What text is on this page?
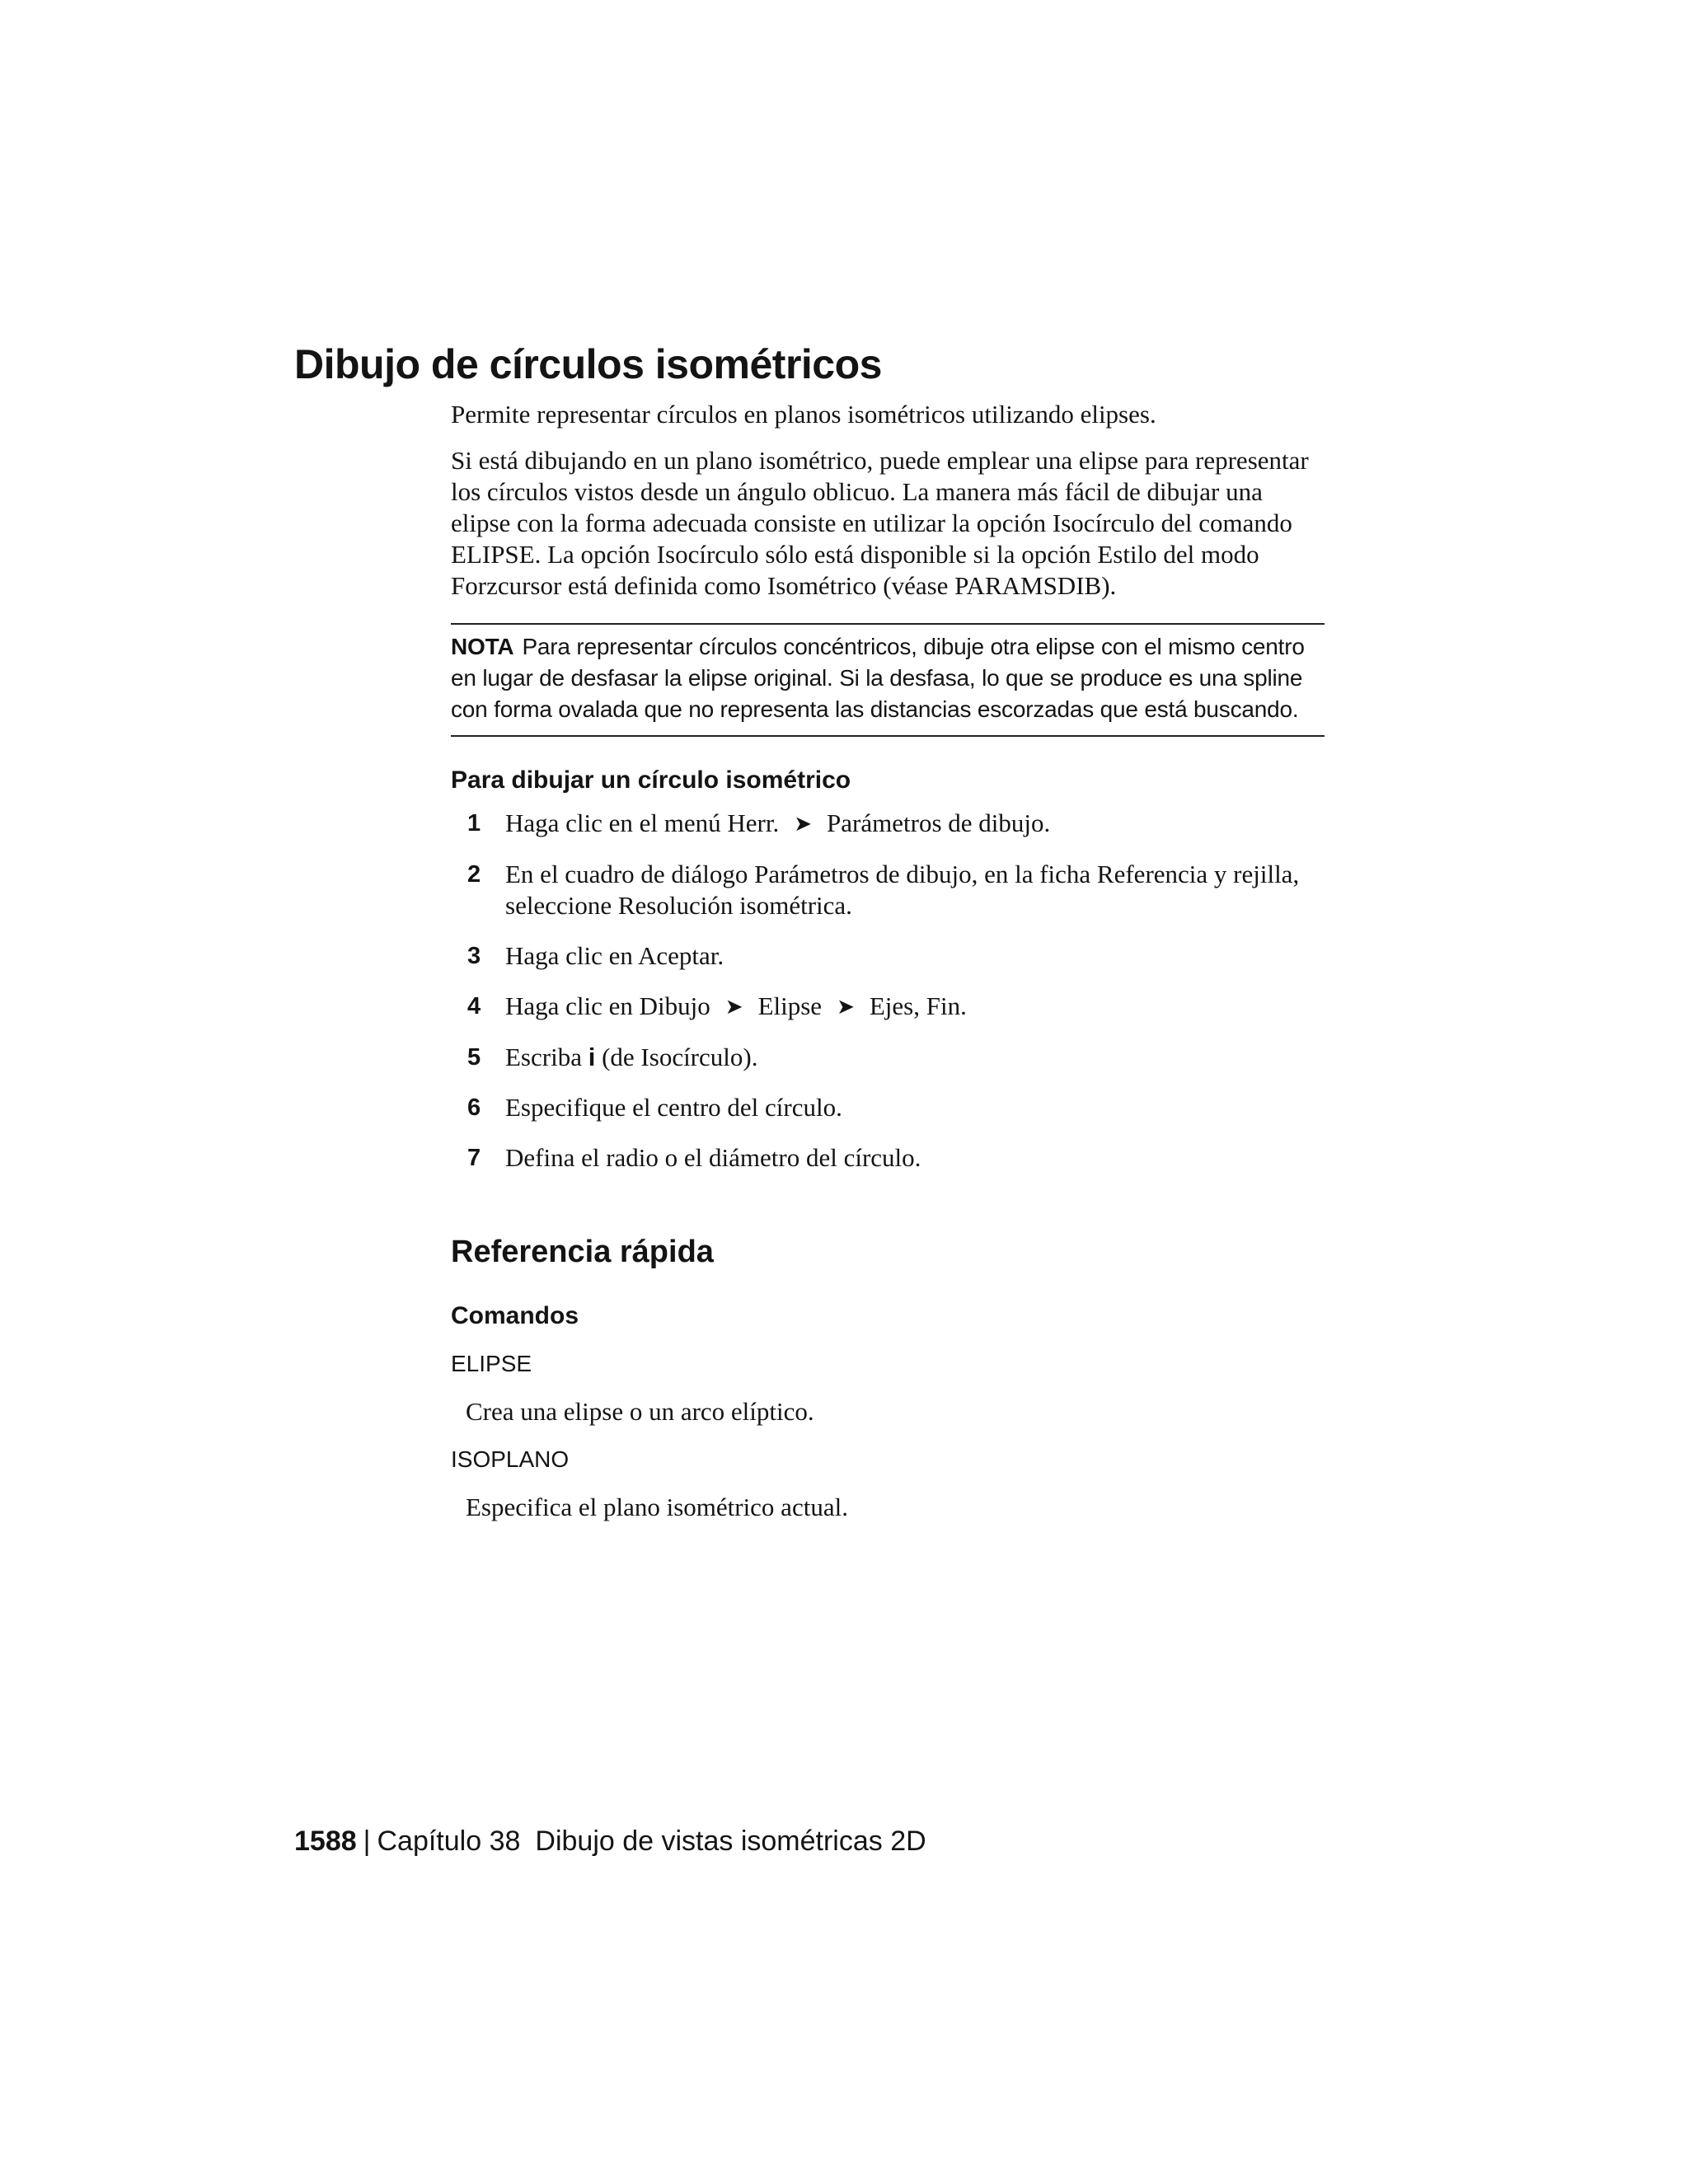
Dibujo de círculos isométricos

Permite representar círculos en planos isométricos utilizando elipses.

Si está dibujando en un plano isométrico, puede emplear una elipse para representar los círculos vistos desde un ángulo oblicuo. La manera más fácil de dibujar una elipse con la forma adecuada consiste en utilizar la opción Isocírculo del comando ELIPSE. La opción Isocírculo sólo está disponible si la opción Estilo del modo Forzcursor está definida como Isométrico (véase PARAMSDIB).

NOTA Para representar círculos concéntricos, dibuje otra elipse con el mismo centro en lugar de desfasar la elipse original. Si la desfasa, lo que se produce es una spline con forma ovalada que no representa las distancias escorzadas que está buscando.

Para dibujar un círculo isométrico

1 Haga clic en el menú Herr. ➤ Parámetros de dibujo.
2 En el cuadro de diálogo Parámetros de dibujo, en la ficha Referencia y rejilla, seleccione Resolución isométrica.
3 Haga clic en Aceptar.
4 Haga clic en Dibujo ➤ Elipse ➤ Ejes, Fin.
5 Escriba i (de Isocírculo).
6 Especifique el centro del círculo.
7 Defina el radio o el diámetro del círculo.

Referencia rápida

Comandos

ELIPSE

Crea una elipse o un arco elíptico.

ISOPLANO

Especifica el plano isométrico actual.

1588 | Capítulo 38 Dibujo de vistas isométricas 2D
